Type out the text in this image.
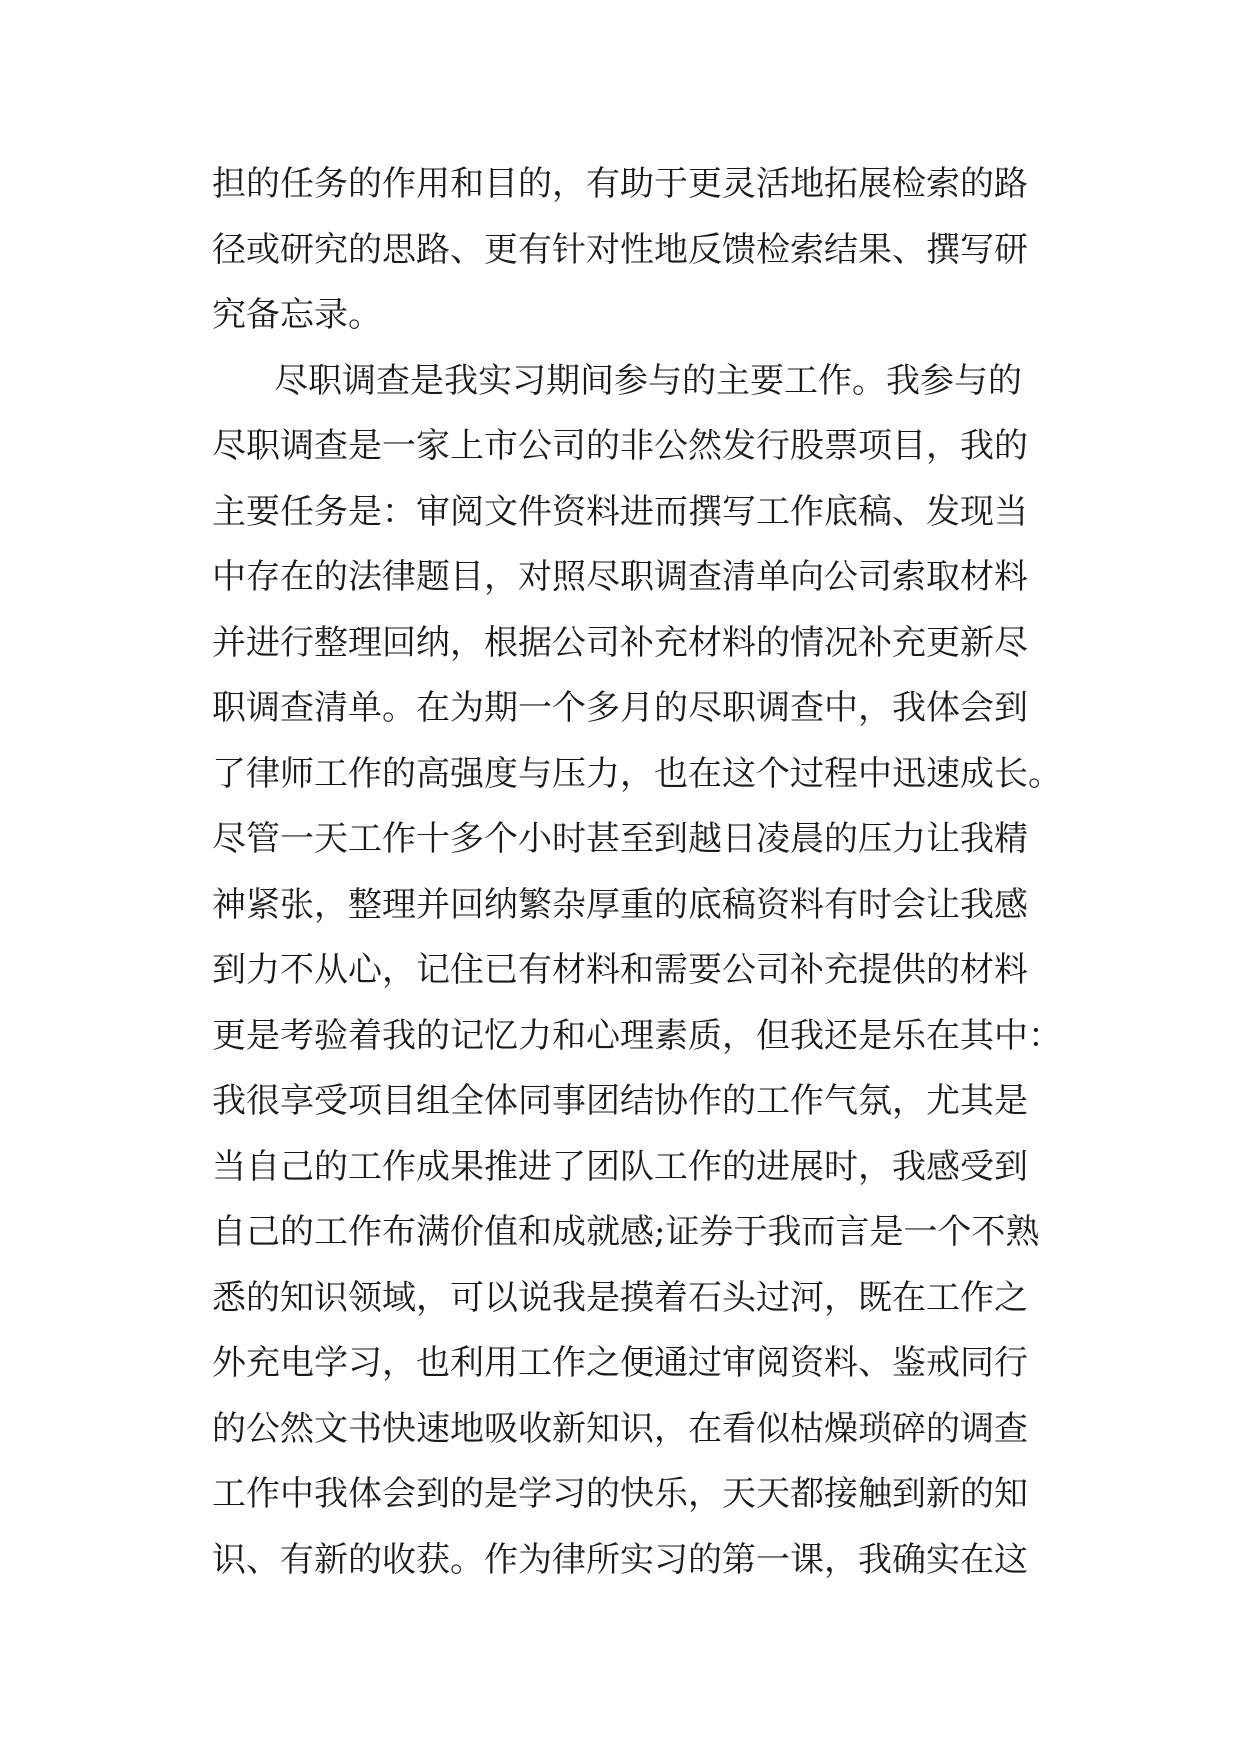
担的任务的作用和目的，有助于更灵活地拓展检索的路
径或研究的思路、更有针对性地反馈检索结果、撰写研
究备忘录。
尽职调查是我实习期间参与的主要工作。我参与的
尽职调查是一家上市公司的非公然发行股票项目，我的
主要任务是：审阅文件资料进而撰写工作底稿、发现当
中存在的法律题目，对照尽职调查清单向公司索取材料
并进行整理回纳，根据公司补充材料的情况补充更新尽
职调查清单。在为期一个多月的尽职调查中，我体会到
了律师工作的高强度与压力，也在这个过程中迅速成长。
尽管一天工作十多个小时甚至到越日凌晨的压力让我精
神紧张，整理并回纳繁杂厚重的底稿资料有时会让我感
到力不从心，记住已有材料和需要公司补充提供的材料
更是考验着我的记忆力和心理素质，但我还是乐在其中：
我很享受项目组全体同事团结协作的工作气氛，尤其是
当自己的工作成果推进了团队工作的进展时，我感受到
自己的工作布满价值和成就感;证券于我而言是一个不熟
悉的知识领域，可以说我是摸着石头过河，既在工作之
外充电学习，也利用工作之便通过审阅资料、鉴戒同行
的公然文书快速地吸收新知识，在看似枯燥琐碎的调查
工作中我体会到的是学习的快乐，天天都接触到新的知
识、有新的收获。作为律所实习的第一课，我确实在这
